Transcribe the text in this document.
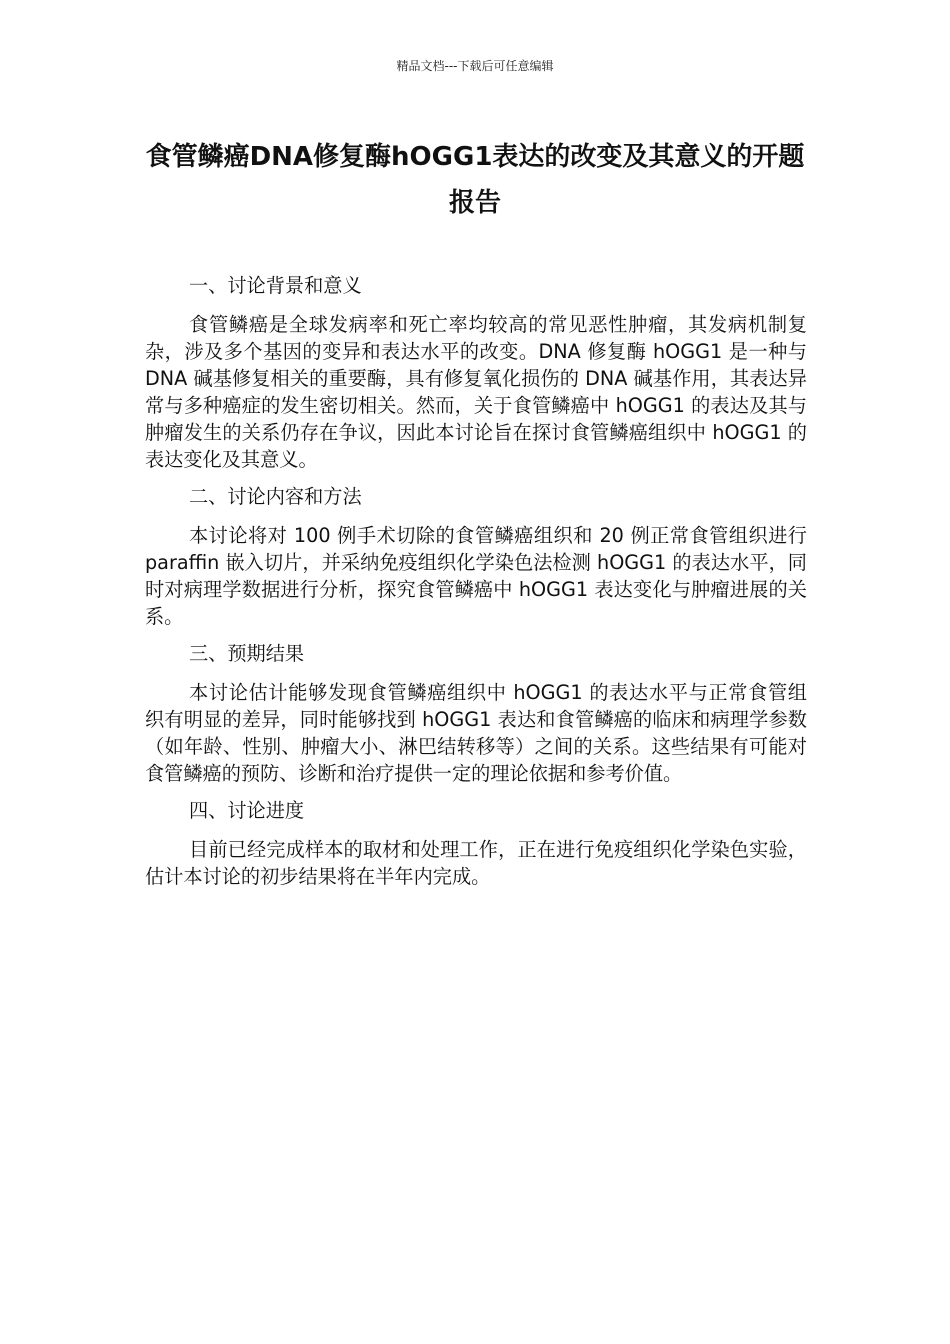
精品文档---下载后可任意编辑
食管鳞癌DNA修复酶hOGG1表达的改变及其意义的开题报告

一、讨论背景和意义

食管鳞癌是全球发病率和死亡率均较高的常见恶性肿瘤，其发病机制复杂，涉及多个基因的变异和表达水平的改变。DNA 修复酶 hOGG1 是一种与 DNA 碱基修复相关的重要酶，具有修复氧化损伤的 DNA 碱基作用，其表达异常与多种癌症的发生密切相关。然而，关于食管鳞癌中 hOGG1 的表达及其与肿瘤发生的关系仍存在争议，因此本讨论旨在探讨食管鳞癌组织中 hOGG1 的表达变化及其意义。

二、讨论内容和方法

本讨论将对 100 例手术切除的食管鳞癌组织和 20 例正常食管组织进行 paraffin 嵌入切片，并采纳免疫组织化学染色法检测 hOGG1 的表达水平，同时对病理学数据进行分析，探究食管鳞癌中 hOGG1 表达变化与肿瘤进展的关系。

三、预期结果

本讨论估计能够发现食管鳞癌组织中 hOGG1 的表达水平与正常食管组织有明显的差异，同时能够找到 hOGG1 表达和食管鳞癌的临床和病理学参数（如年龄、性别、肿瘤大小、淋巴结转移等）之间的关系。这些结果有可能对食管鳞癌的预防、诊断和治疗提供一定的理论依据和参考价值。

四、讨论进度

目前已经完成样本的取材和处理工作，正在进行免疫组织化学染色实验，估计本讨论的初步结果将在半年内完成。
